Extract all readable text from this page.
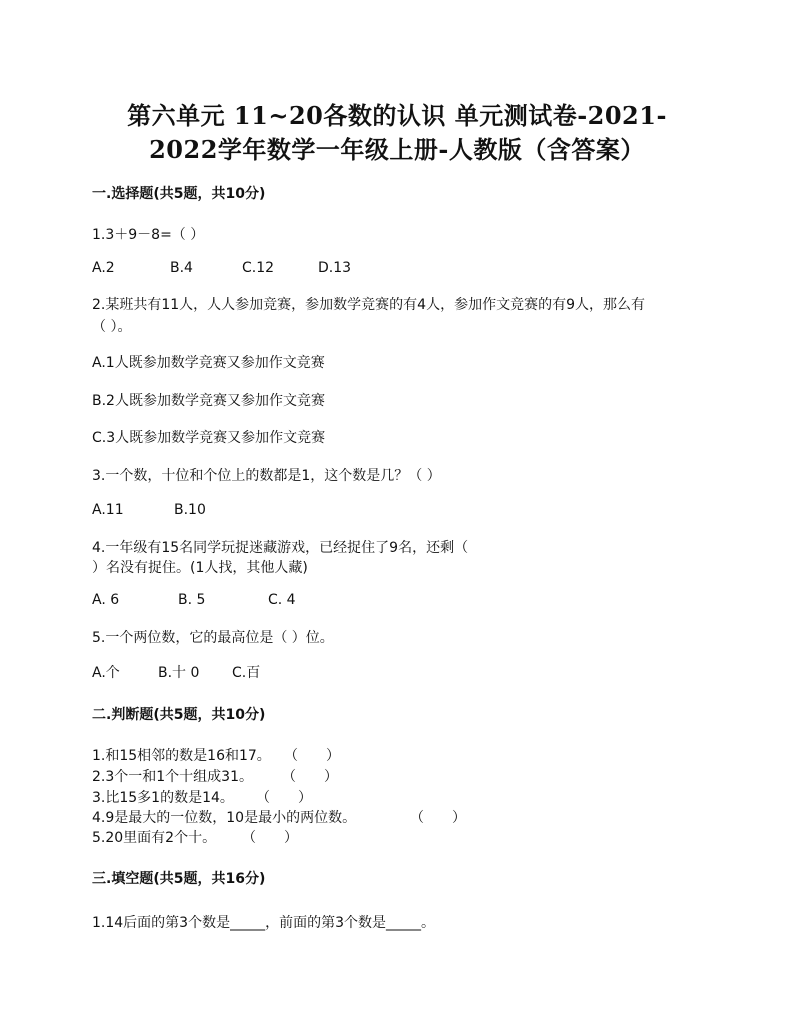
第六单元 11~20各数的认识 单元测试卷-2021-
2022学年数学一年级上册-人教版（含答案）
一.选择题(共5题，共10分)
1.3＋9－8=（ ）
A.2	B.4	C.12	D.13
2.某班共有11人，人人参加竞赛，参加数学竞赛的有4人，参加作文竞赛的有9人，那么有
（ ）。
A.1人既参加数学竞赛又参加作文竞赛
B.2人既参加数学竞赛又参加作文竞赛
C.3人既参加数学竞赛又参加作文竞赛
3.一个数，十位和个位上的数都是1，这个数是几？（ ）
A.11	B.10
4.一年级有15名同学玩捉迷藏游戏，已经捉住了9名，还剩（
）名没有捉住。(1人找，其他人藏)
A. 6	B. 5	C. 4
5.一个两位数，它的最高位是（ ）位。
A.个	B.十 0 C.百
二.判断题(共5题，共10分)
1.和15相邻的数是16和17。 （　　）
2.3个一和1个十组成31。 （　　）
3.比15多1的数是14。 （　　）
4.9是最大的一位数，10是最小的两位数。	（　　）
5.20里面有2个十。 （　　）
三.填空题(共5题，共16分)
1.14后面的第3个数是_____，前面的第3个数是_____。
